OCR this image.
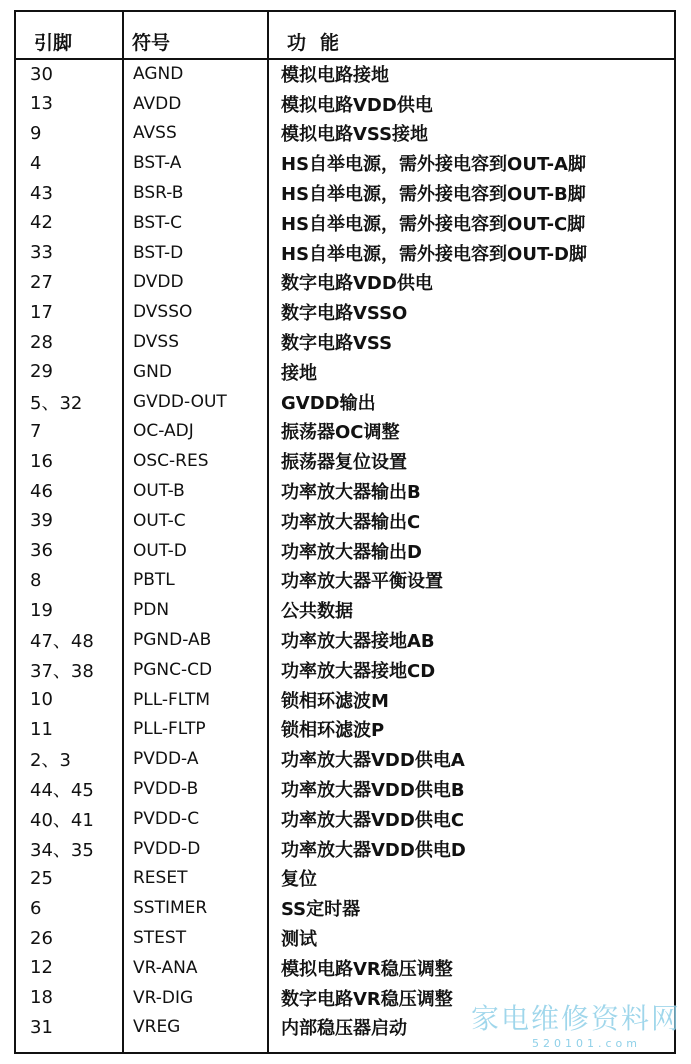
引脚	符号	功能
30	AGND	模拟电路接地
13	AVDD	模拟电路VDD供电
9	AVSS	模拟电路VSS接地
4	BST-A	HS自举电源，需外接电容到OUT-A脚
43	BSR-B	HS自举电源，需外接电容到OUT-B脚
42	BST-C	HS自举电源，需外接电容到OUT-C脚
33	BST-D	HS自举电源，需外接电容到OUT-D脚
27	DVDD	数字电路VDD供电
17	DVSSO	数字电路VSSO
28	DVSS	数字电路VSS
29	GND	接地
5、32	GVDD-OUT	GVDD输出
7	OC-ADJ	振荡器OC调整
16	OSC-RES	振荡器复位设置
46	OUT-B	功率放大器输出B
39	OUT-C	功率放大器输出C
36	OUT-D	功率放大器输出D
8	PBTL	功率放大器平衡设置
19	PDN	公共数据
47、48	PGND-AB	功率放大器接地AB
37、38	PGNC-CD	功率放大器接地CD
10	PLL-FLTM	锁相环滤波M
11	PLL-FLTP	锁相环滤波P
2、3	PVDD-A	功率放大器VDD供电A
44、45	PVDD-B	功率放大器VDD供电B
40、41	PVDD-C	功率放大器VDD供电C
34、35	PVDD-D	功率放大器VDD供电D
25	RESET	复位
6	SSTIMER	SS定时器
26	STEST	测试
12	VR-ANA	模拟电路VR稳压调整
18	VR-DIG	数字电路VR稳压调整
31	VREG	内部稳压器启动 家电维修资料网
520101.com
